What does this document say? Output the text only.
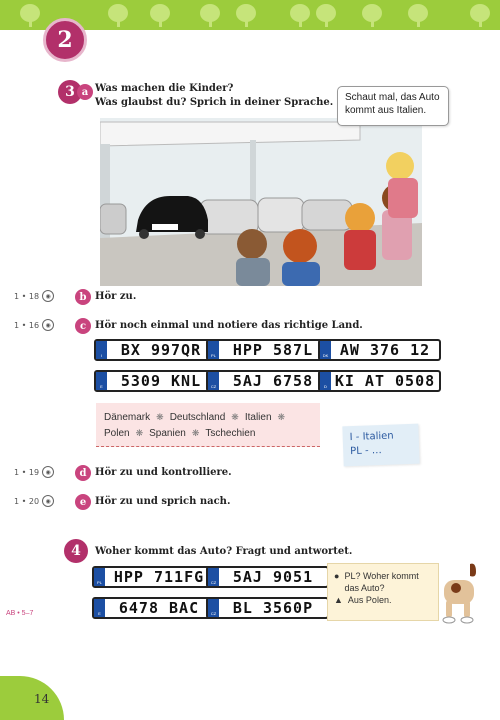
2
3 a Was machen die Kinder?
Was glaubst du? Sprich in deiner Sprache. Schaut mal, das Auto
kommt aus Italien.
1 • 18	◉	b Hör zu.
1 • 16	◉	c Hör noch einmal und notiere das richtige Land.
I	BX 997QR	PL	HPP 587L	DK AW 376 12
E	5309 KNL	CZ	5AJ 6758	D KI AT 0508
Dänemark ❋ Deutschland ❋ Italien ❋
Polen ❋ Spanien ❋ Tschechien	I - Italien
PL - …
1 • 19	◉	d Hör zu und kontrolliere.
1 • 20	◉	e Hör zu und sprich nach.
4	Woher kommt das Auto? Fragt und antwortet.
PL HPP 711FG	CZ	5AJ 9051
E	6478 BAC	CZ	BL 3560P
● PL? Woher kommt das Auto?
▲ Aus Polen.
AB • 5–7
14
